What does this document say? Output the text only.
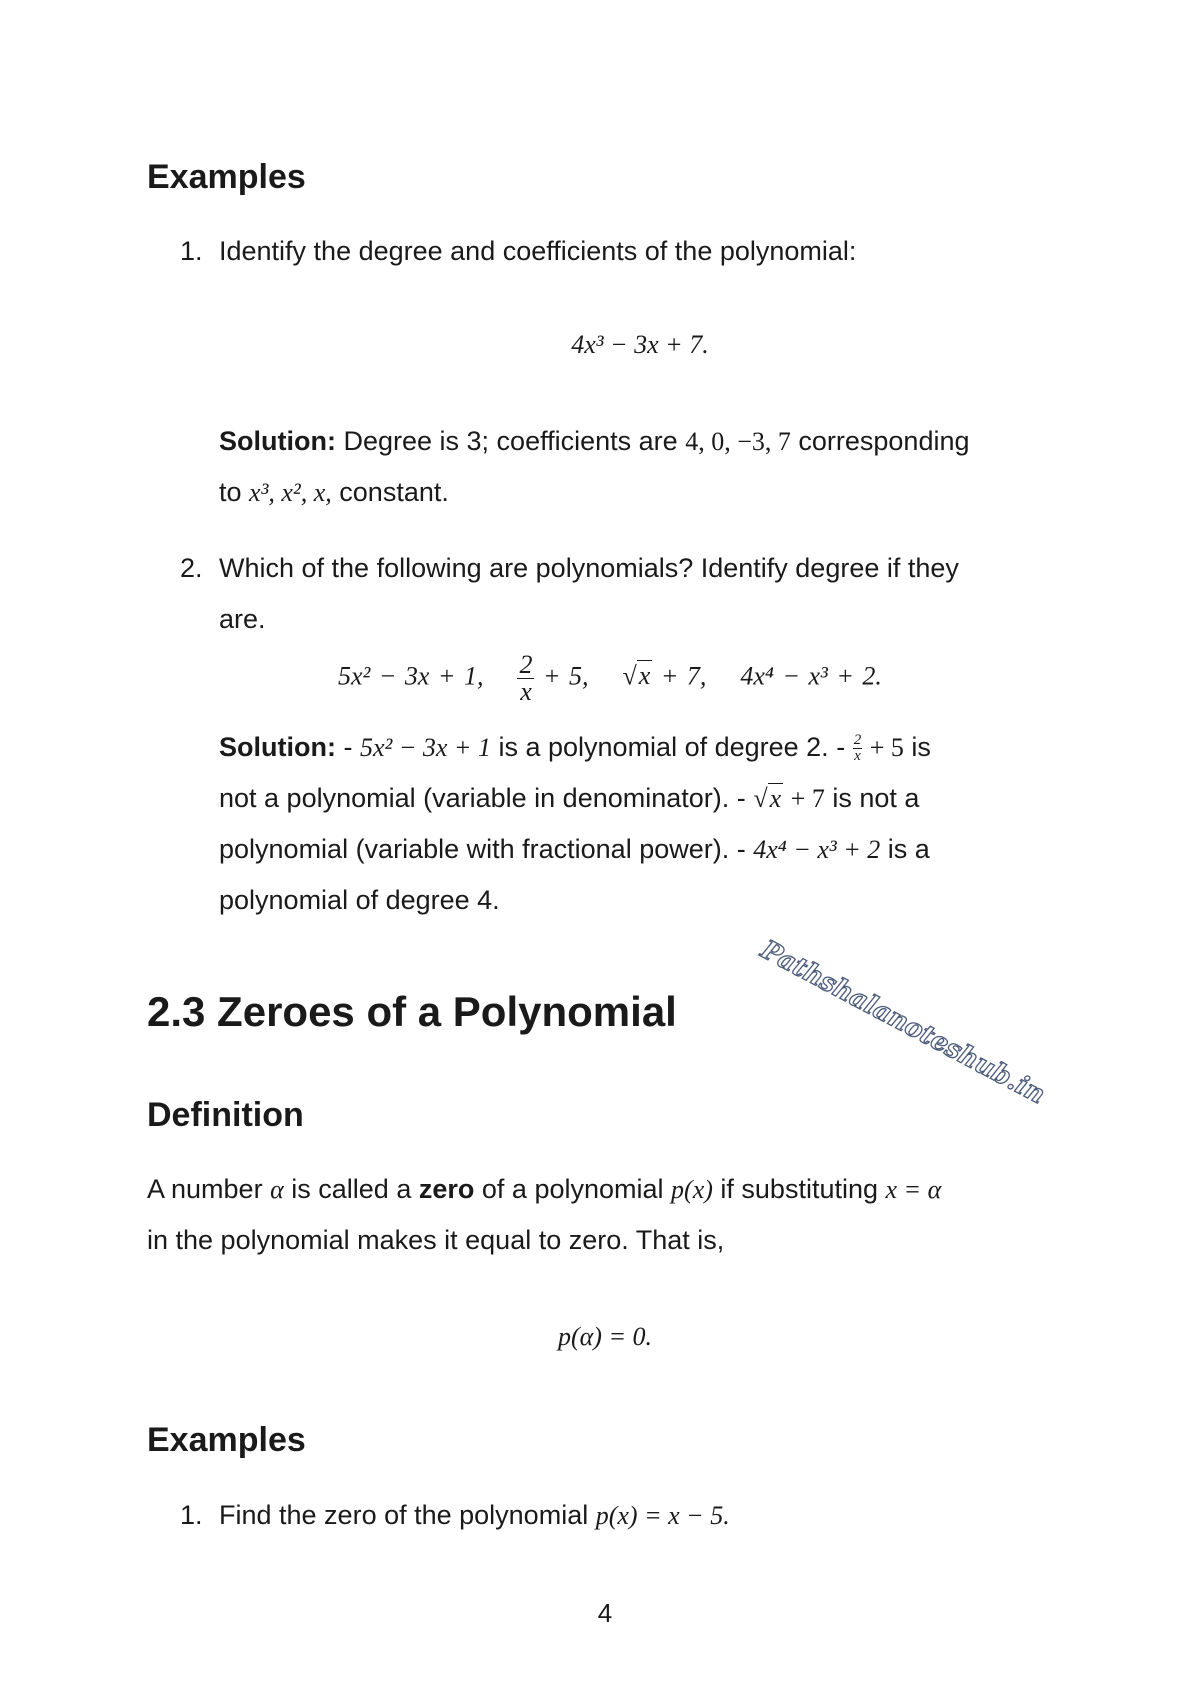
Examples
1. Identify the degree and coefficients of the polynomial:
4x³ − 3x + 7.
Solution: Degree is 3; coefficients are 4, 0, −3, 7 corresponding
to x³, x², x, constant.
2. Which of the following are polynomials? Identify degree if they
are.
5x² − 3x + 1, $\frac{2}{x} + 5$,    √x + 7, 4x⁴ − x³ + 2.
Solution: - 5x² − 3x + 1 is a polynomial of degree 2. - $\frac{2}{x} + 5$ is
not a polynomial (variable in denominator). - √x + 7 is not a
polynomial (variable with fractional power). - 4x⁴ − x³ + 2 is a
polynomial of degree 4.
Pathshalanoteshub.in
2.3 Zeroes of a Polynomial
Definition
A number α is called a zero of a polynomial p(x) if substituting x = α
in the polynomial makes it equal to zero. That is,
p(α) = 0.
Examples
1. Find the zero of the polynomial p(x) = x − 5.
4
